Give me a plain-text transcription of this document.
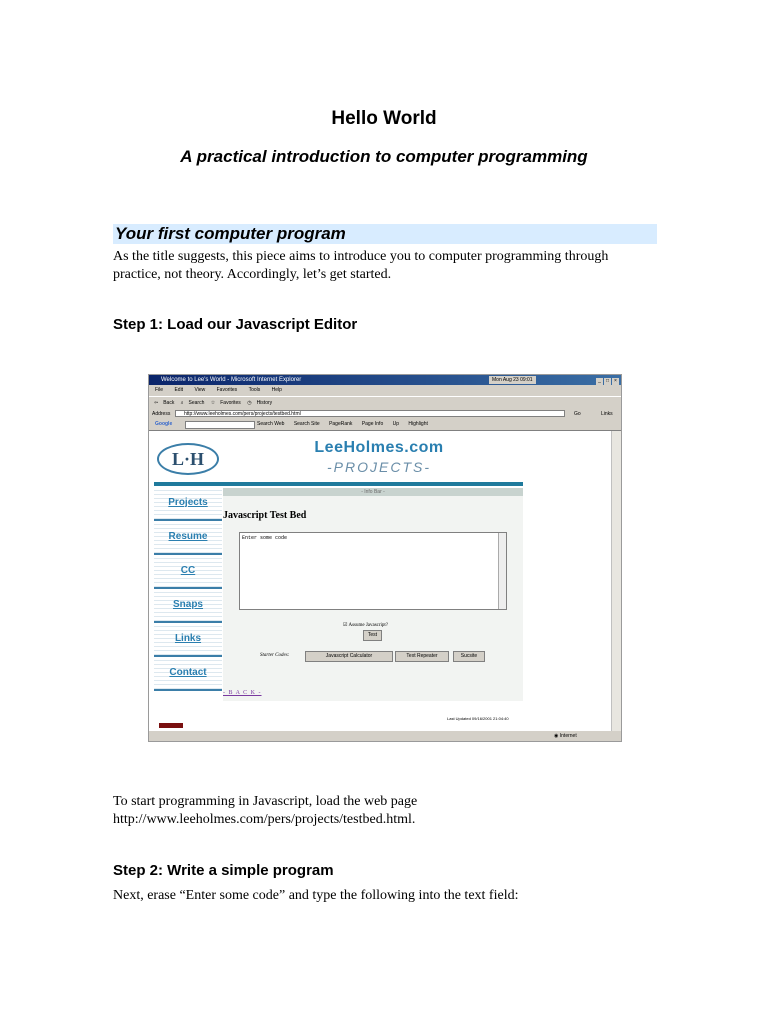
Hello World
A practical introduction to computer programming
Your first computer program
As the title suggests, this piece aims to introduce you to computer programming through practice, not theory. Accordingly, let’s get started.
Step 1: Load our Javascript Editor
Welcome to Lee's World - Microsoft Internet Explorer	Mon Aug 23 09:01	_ □ ×
File Edit View Favorites Tools Help
⇦ Back ⌕ Search ☆ Favorites ◷ History
Address	http://www.leeholmes.com/pers/projects/testbed.html	Go	Links
Google	Search Web Search Site PageRank Page Info Up Highlight
L·H
LeeHolmes.com
-PROJECTS-
- Info Bar -
Projects
Resume
CC
Snaps
Links
Contact
Javascript Test Bed
Enter some code
☑ Assume Javascript?
Test
Starter Codes:	Javascript Calculator	Text Repeater	Sucsite
- B A C K -
Last Updated 09/16/2001 21:04:40
◉ Internet
To start programming in Javascript, load the web page http://www.leeholmes.com/pers/projects/testbed.html.
Step 2: Write a simple program
Next, erase “Enter some code” and type the following into the text field:
